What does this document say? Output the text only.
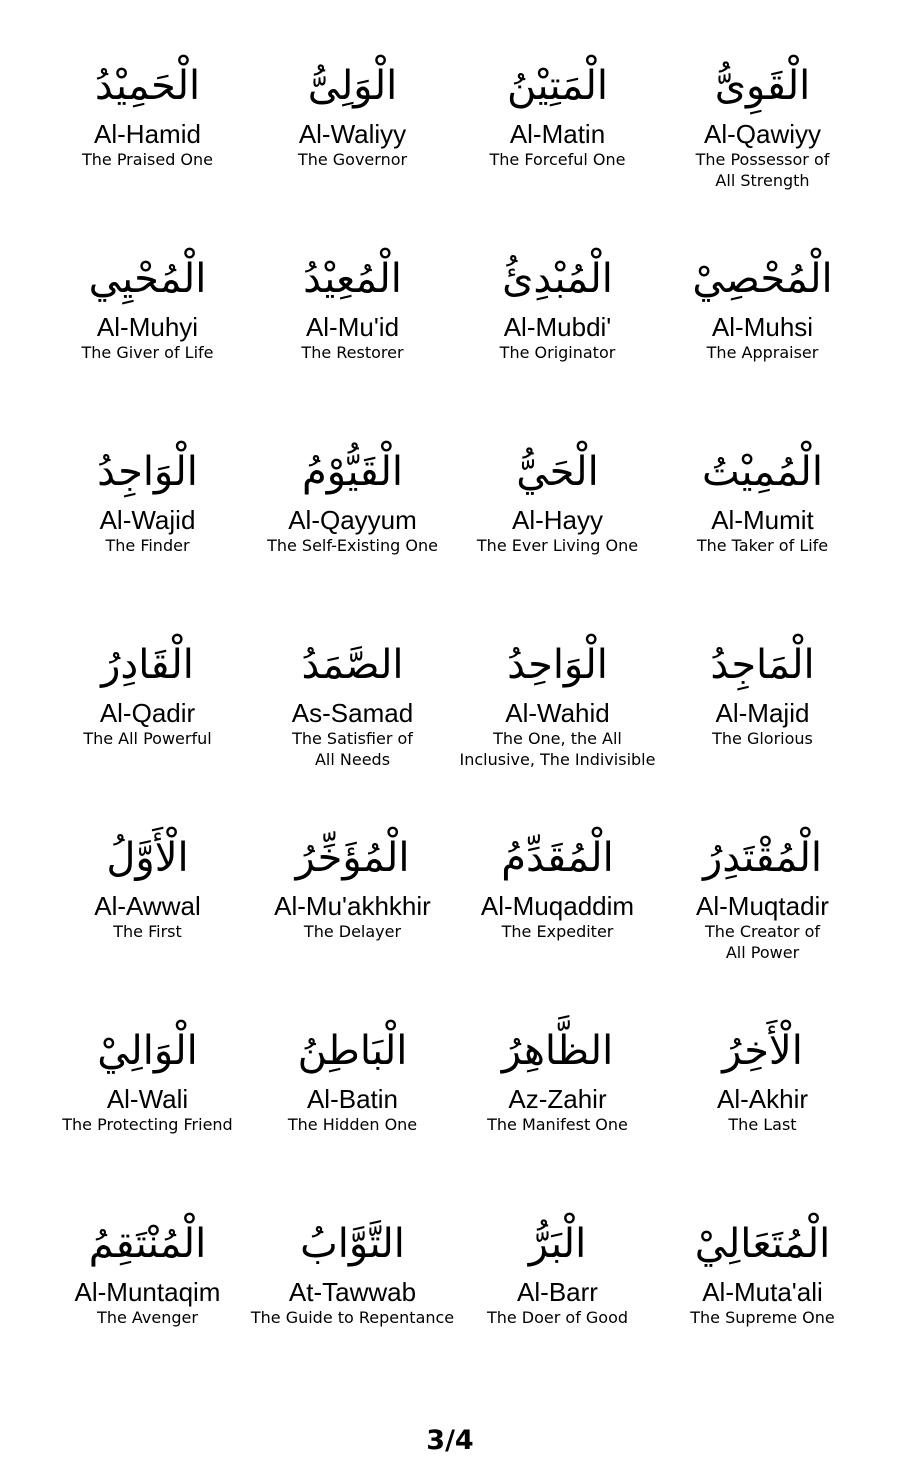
الْحَمِيْدُ
Al-Hamid
The Praised One
الْوَلِىُّ
Al-Waliyy
The Governor
الْمَتِيْنُ
Al-Matin
The Forceful One
الْقَوِىُّ
Al-Qawiyy
The Possessor of
All Strength
الْمُحْيِي
Al-Muhyi
The Giver of Life
الْمُعِيْدُ
Al-Mu'id
The Restorer
الْمُبْدِئُ
Al-Mubdi'
The Originator
الْمُحْصِيْ
Al-Muhsi
The Appraiser
الْوَاجِدُ
Al-Wajid
The Finder
الْقَيُّوْمُ
Al-Qayyum
The Self-Existing One
الْحَيُّ
Al-Hayy
The Ever Living One
الْمُمِيْتُ
Al-Mumit
The Taker of Life
الْقَادِرُ
Al-Qadir
The All Powerful
الصَّمَدُ
As-Samad
The Satisfier of
All Needs
الْوَاحِدُ
Al-Wahid
The One, the All
Inclusive, The Indivisible
الْمَاجِدُ
Al-Majid
The Glorious
الْأَوَّلُ
Al-Awwal
The First
الْمُؤَخِّرُ
Al-Mu'akhkhir
The Delayer
الْمُقَدِّمُ
Al-Muqaddim
The Expediter
الْمُقْتَدِرُ
Al-Muqtadir
The Creator of
All Power
الْوَالِيْ
Al-Wali
The Protecting Friend
الْبَاطِنُ
Al-Batin
The Hidden One
الظَّاهِرُ
Az-Zahir
The Manifest One
الْأَخِرُ
Al-Akhir
The Last
الْمُنْتَقِمُ
Al-Muntaqim
The Avenger
التَّوَّابُ
At-Tawwab
The Guide to Repentance
الْبَرُّ
Al-Barr
The Doer of Good
الْمُتَعَالِيْ
Al-Muta'ali
The Supreme One
3/4
